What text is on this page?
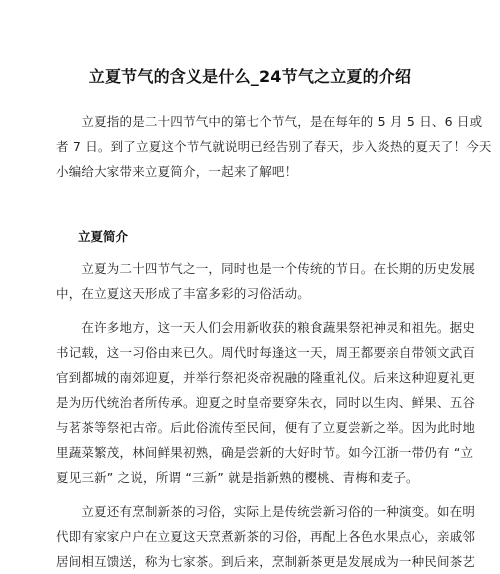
立夏节气的含义是什么_24节气之立夏的介绍
　　立夏指的是二十四节气中的第七个节气，是在每年的 5 月 5 日、6 日或
者 7 日。到了立夏这个节气就说明已经告别了春天，步入炎热的夏天了！今天
小编给大家带来立夏简介，一起来了解吧！
立夏简介
　　立夏为二十四节气之一，同时也是一个传统的节日。在长期的历史发展
中，在立夏这天形成了丰富多彩的习俗活动。
　　在许多地方，这一天人们会用新收获的粮食蔬果祭祀神灵和祖先。据史
书记载，这一习俗由来已久。周代时每逢这一天，周王都要亲自带领文武百
官到都城的南郊迎夏，并举行祭祀炎帝祝融的隆重礼仪。后来这种迎夏礼更
是为历代统治者所传承。迎夏之时皇帝要穿朱衣，同时以生肉、鲜果、五谷
与茗茶等祭祀古帝。后此俗流传至民间，便有了立夏尝新之举。因为此时地
里蔬菜繁茂，林间鲜果初熟，确是尝新的大好时节。如今江浙一带仍有 “立
夏见三新” 之说，所谓 “三新” 就是指新熟的樱桃、青梅和麦子。
　　立夏还有烹制新茶的习俗，实际上是传统尝新习俗的一种演变。如在明
代即有家家户户在立夏这天烹煮新茶的习俗，再配上各色水果点心，亲戚邻
居间相互馈送，称为七家茶。到后来，烹制新茶更是发展成为一种民间茶艺
